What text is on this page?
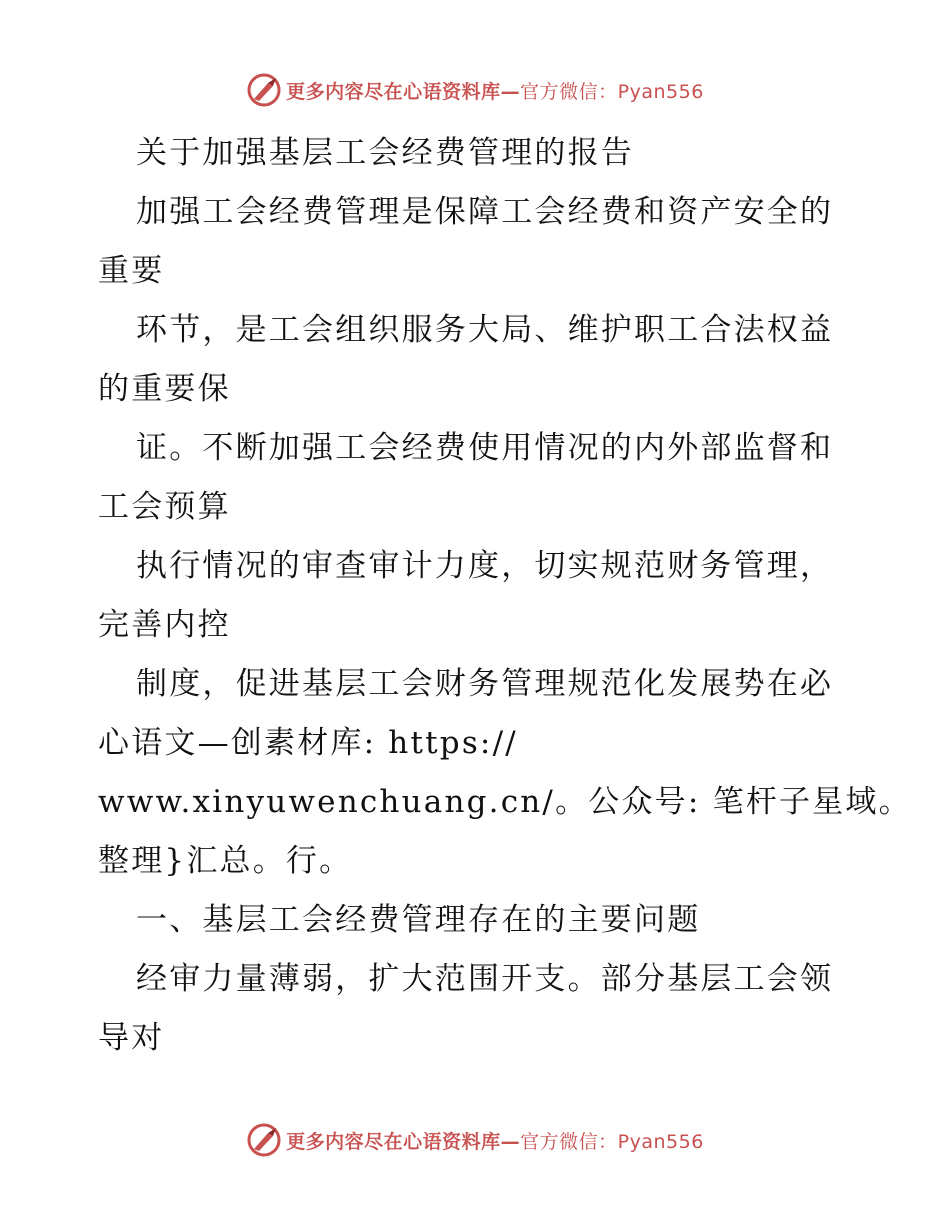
更多内容尽在心语资料库—官方微信：Pyan556
关于加强基层工会经费管理的报告
加强工会经费管理是保障工会经费和资产安全的
重要
环节，是工会组织服务大局、维护职工合法权益
的重要保
证。不断加强工会经费使用情况的内外部监督和
工会预算
执行情况的审查审计力度，切实规范财务管理，
完善内控
制度，促进基层工会财务管理规范化发展势在必
心语文—创素材库: https://
www.xinyuwenchuang.cn/。公众号: 笔杆子星域。
整理}汇总。行。
一、基层工会经费管理存在的主要问题
经审力量薄弱，扩大范围开支。部分基层工会领
导对
更多内容尽在心语资料库—官方微信：Pyan556
